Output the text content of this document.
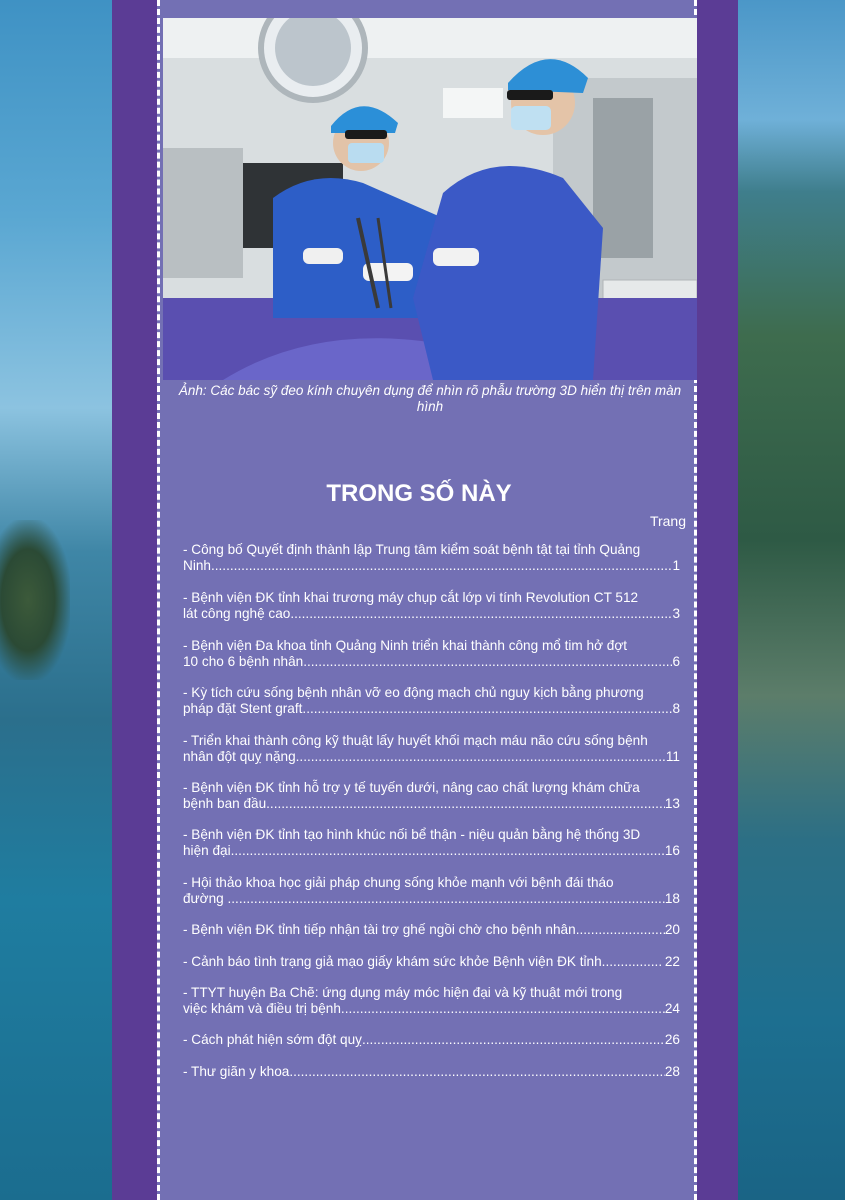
Ảnh: Các bác sỹ đeo kính chuyên dụng để nhìn rõ phẫu trường 3D hiển thị trên màn hình
TRONG SỐ NÀY
Trang
- Công bố Quyết định thành lập Trung tâm kiểm soát bệnh tật tại tỉnh Quảng
Ninh .....	1
- Bệnh viện ĐK tỉnh khai trương máy chụp cắt lớp vi tính Revolution CT 512
lát công nghệ cao .....	3
- Bệnh viện Đa khoa tỉnh Quảng Ninh triển khai thành công mổ tim hở đợt
10 cho 6 bệnh nhân .....	6
- Kỳ tích cứu sống bệnh nhân vỡ eo động mạch chủ nguy kịch bằng phương
pháp đặt Stent graft .....	8
- Triển khai thành công kỹ thuật lấy huyết khối mạch máu não cứu sống bệnh
nhân đột quỵ nặng .....	11
- Bệnh viện ĐK tỉnh hỗ trợ y tế tuyến dưới, nâng cao chất lượng khám chữa
bệnh ban đầu .....	13
- Bệnh viện ĐK tỉnh tạo hình khúc nối bể thận - niệu quản bằng hệ thống 3D
hiện đại .....	16
- Hội thảo khoa học giải pháp chung sống khỏe mạnh với bệnh đái tháo
đường .....	18
- Bệnh viện ĐK tỉnh tiếp nhận tài trợ ghế ngồi chờ cho bệnh nhân .....	20
- Cảnh báo tình trạng giả mạo giấy khám sức khỏe Bệnh viện ĐK tỉnh .....	22
- TTYT huyện Ba Chẽ: ứng dụng máy móc hiện đại và kỹ thuật mới trong
việc khám và điều trị bệnh .....	24
- Cách phát hiện sớm đột quỵ .....	26
- Thư giãn y khoa .....	28
